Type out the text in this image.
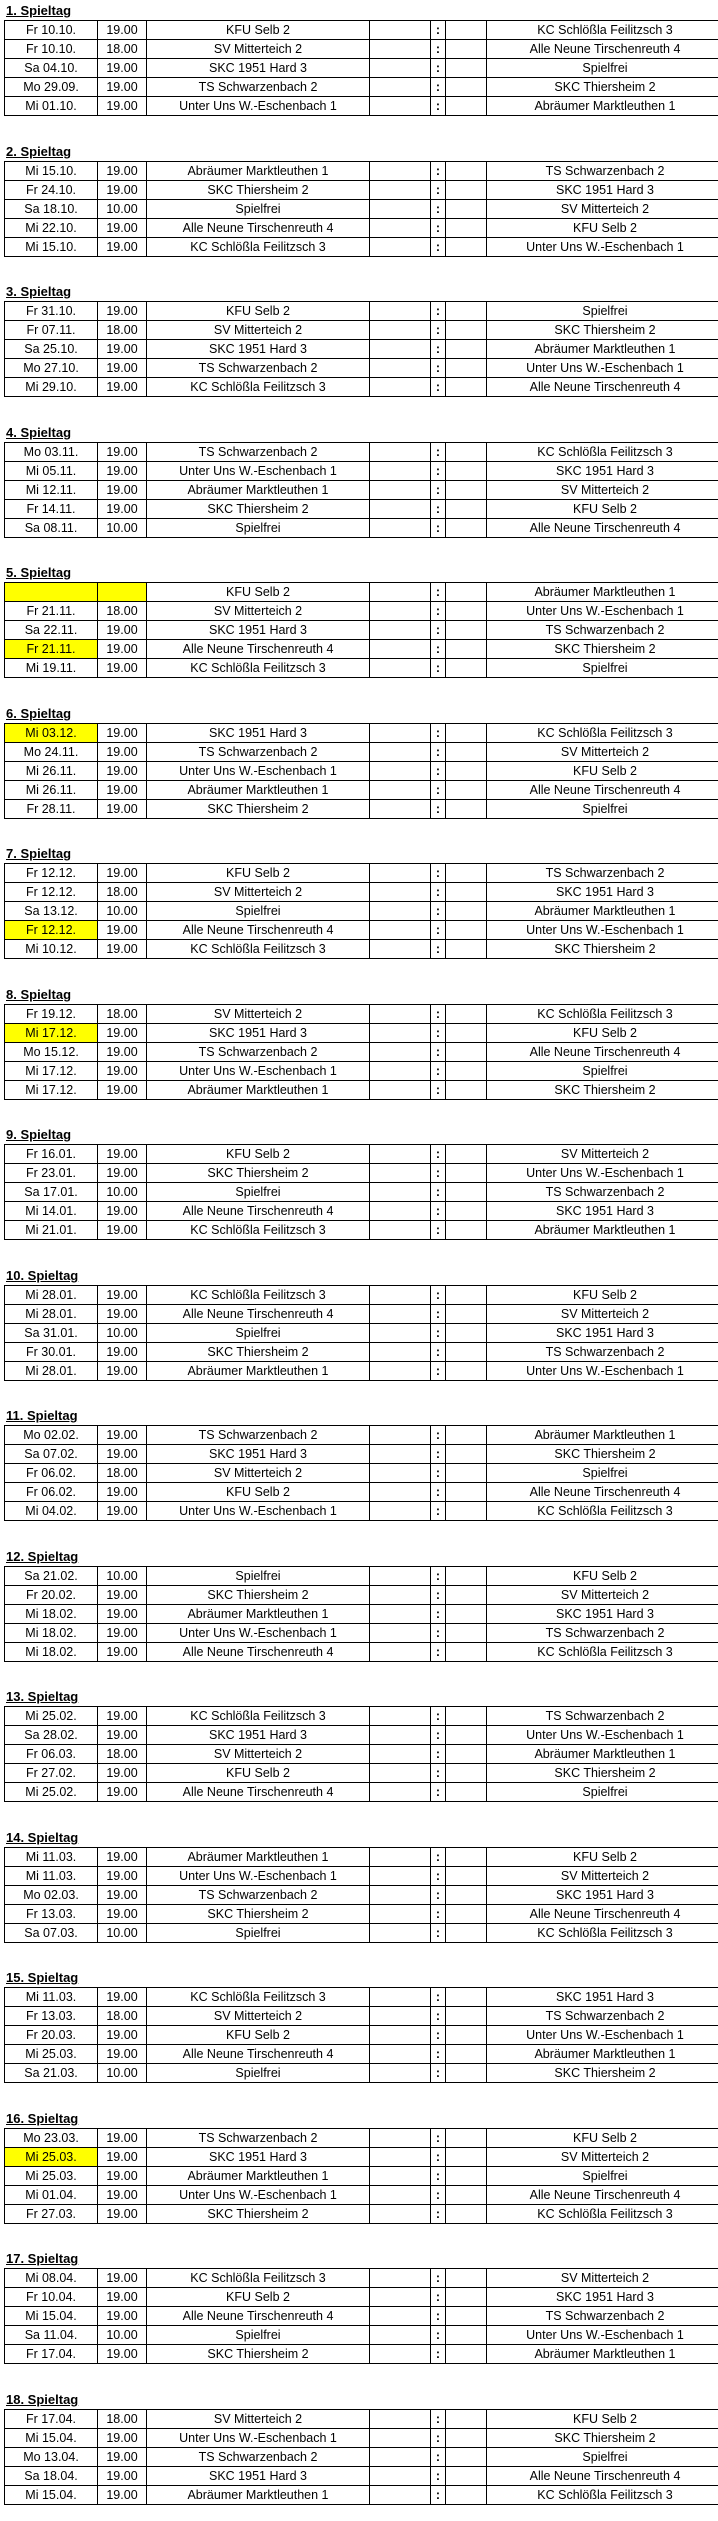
1. Spieltag
Fr 10.10.	19.00	KFU Selb 2		:		KC Schlößla Feilitzsch 3
Fr 10.10.	18.00	SV Mitterteich 2		:		Alle Neune Tirschenreuth 4
Sa 04.10.	19.00	SKC 1951 Hard 3		:		Spielfrei
Mo 29.09.	19.00	TS Schwarzenbach 2		:		SKC Thiersheim 2
Mi 01.10.	19.00	Unter Uns W.-Eschenbach 1		:		Abräumer Marktleuthen 1
2. Spieltag
Mi 15.10.	19.00	Abräumer Marktleuthen 1		:		TS Schwarzenbach 2
Fr 24.10.	19.00	SKC Thiersheim 2		:		SKC 1951 Hard 3
Sa 18.10.	10.00	Spielfrei		:		SV Mitterteich 2
Mi 22.10.	19.00	Alle Neune Tirschenreuth 4		:		KFU Selb 2
Mi 15.10.	19.00	KC Schlößla Feilitzsch 3		:		Unter Uns W.-Eschenbach 1
3. Spieltag
Fr 31.10.	19.00	KFU Selb 2		:		Spielfrei
Fr 07.11.	18.00	SV Mitterteich 2		:		SKC Thiersheim 2
Sa 25.10.	19.00	SKC 1951 Hard 3		:		Abräumer Marktleuthen 1
Mo 27.10.	19.00	TS Schwarzenbach 2		:		Unter Uns W.-Eschenbach 1
Mi 29.10.	19.00	KC Schlößla Feilitzsch 3		:		Alle Neune Tirschenreuth 4
4. Spieltag
Mo 03.11.	19.00	TS Schwarzenbach 2		:		KC Schlößla Feilitzsch 3
Mi 05.11.	19.00	Unter Uns W.-Eschenbach 1		:		SKC 1951 Hard 3
Mi 12.11.	19.00	Abräumer Marktleuthen 1		:		SV Mitterteich 2
Fr 14.11.	19.00	SKC Thiersheim 2		:		KFU Selb 2
Sa 08.11.	10.00	Spielfrei		:		Alle Neune Tirschenreuth 4
5. Spieltag
		KFU Selb 2		:		Abräumer Marktleuthen 1
Fr 21.11.	18.00	SV Mitterteich 2		:		Unter Uns W.-Eschenbach 1
Sa 22.11.	19.00	SKC 1951 Hard 3		:		TS Schwarzenbach 2
Fr 21.11.	19.00	Alle Neune Tirschenreuth 4		:		SKC Thiersheim 2
Mi 19.11.	19.00	KC Schlößla Feilitzsch 3		:		Spielfrei
6. Spieltag
Mi 03.12.	19.00	SKC 1951 Hard 3		:		KC Schlößla Feilitzsch 3
Mo 24.11.	19.00	TS Schwarzenbach 2		:		SV Mitterteich 2
Mi 26.11.	19.00	Unter Uns W.-Eschenbach 1		:		KFU Selb 2
Mi 26.11.	19.00	Abräumer Marktleuthen 1		:		Alle Neune Tirschenreuth 4
Fr 28.11.	19.00	SKC Thiersheim 2		:		Spielfrei
7. Spieltag
Fr 12.12.	19.00	KFU Selb 2		:		TS Schwarzenbach 2
Fr 12.12.	18.00	SV Mitterteich 2		:		SKC 1951 Hard 3
Sa 13.12.	10.00	Spielfrei		:		Abräumer Marktleuthen 1
Fr 12.12.	19.00	Alle Neune Tirschenreuth 4		:		Unter Uns W.-Eschenbach 1
Mi 10.12.	19.00	KC Schlößla Feilitzsch 3		:		SKC Thiersheim 2
8. Spieltag
Fr 19.12.	18.00	SV Mitterteich 2		:		KC Schlößla Feilitzsch 3
Mi 17.12.	19.00	SKC 1951 Hard 3		:		KFU Selb 2
Mo 15.12.	19.00	TS Schwarzenbach 2		:		Alle Neune Tirschenreuth 4
Mi 17.12.	19.00	Unter Uns W.-Eschenbach 1		:		Spielfrei
Mi 17.12.	19.00	Abräumer Marktleuthen 1		:		SKC Thiersheim 2
9. Spieltag
Fr 16.01.	19.00	KFU Selb 2		:		SV Mitterteich 2
Fr 23.01.	19.00	SKC Thiersheim 2		:		Unter Uns W.-Eschenbach 1
Sa 17.01.	10.00	Spielfrei		:		TS Schwarzenbach 2
Mi 14.01.	19.00	Alle Neune Tirschenreuth 4		:		SKC 1951 Hard 3
Mi 21.01.	19.00	KC Schlößla Feilitzsch 3		:		Abräumer Marktleuthen 1
10. Spieltag
Mi 28.01.	19.00	KC Schlößla Feilitzsch 3		:		KFU Selb 2
Mi 28.01.	19.00	Alle Neune Tirschenreuth 4		:		SV Mitterteich 2
Sa 31.01.	10.00	Spielfrei		:		SKC 1951 Hard 3
Fr 30.01.	19.00	SKC Thiersheim 2		:		TS Schwarzenbach 2
Mi 28.01.	19.00	Abräumer Marktleuthen 1		:		Unter Uns W.-Eschenbach 1
11. Spieltag
Mo 02.02.	19.00	TS Schwarzenbach 2		:		Abräumer Marktleuthen 1
Sa 07.02.	19.00	SKC 1951 Hard 3		:		SKC Thiersheim 2
Fr 06.02.	18.00	SV Mitterteich 2		:		Spielfrei
Fr 06.02.	19.00	KFU Selb 2		:		Alle Neune Tirschenreuth 4
Mi 04.02.	19.00	Unter Uns W.-Eschenbach 1		:		KC Schlößla Feilitzsch 3
12. Spieltag
Sa 21.02.	10.00	Spielfrei		:		KFU Selb 2
Fr 20.02.	19.00	SKC Thiersheim 2		:		SV Mitterteich 2
Mi 18.02.	19.00	Abräumer Marktleuthen 1		:		SKC 1951 Hard 3
Mi 18.02.	19.00	Unter Uns W.-Eschenbach 1		:		TS Schwarzenbach 2
Mi 18.02.	19.00	Alle Neune Tirschenreuth 4		:		KC Schlößla Feilitzsch 3
13. Spieltag
Mi 25.02.	19.00	KC Schlößla Feilitzsch 3		:		TS Schwarzenbach 2
Sa 28.02.	19.00	SKC 1951 Hard 3		:		Unter Uns W.-Eschenbach 1
Fr 06.03.	18.00	SV Mitterteich 2		:		Abräumer Marktleuthen 1
Fr 27.02.	19.00	KFU Selb 2		:		SKC Thiersheim 2
Mi 25.02.	19.00	Alle Neune Tirschenreuth 4		:		Spielfrei
14. Spieltag
Mi 11.03.	19.00	Abräumer Marktleuthen 1		:		KFU Selb 2
Mi 11.03.	19.00	Unter Uns W.-Eschenbach 1		:		SV Mitterteich 2
Mo 02.03.	19.00	TS Schwarzenbach 2		:		SKC 1951 Hard 3
Fr 13.03.	19.00	SKC Thiersheim 2		:		Alle Neune Tirschenreuth 4
Sa 07.03.	10.00	Spielfrei		:		KC Schlößla Feilitzsch 3
15. Spieltag
Mi 11.03.	19.00	KC Schlößla Feilitzsch 3		:		SKC 1951 Hard 3
Fr 13.03.	18.00	SV Mitterteich 2		:		TS Schwarzenbach 2
Fr 20.03.	19.00	KFU Selb 2		:		Unter Uns W.-Eschenbach 1
Mi 25.03.	19.00	Alle Neune Tirschenreuth 4		:		Abräumer Marktleuthen 1
Sa 21.03.	10.00	Spielfrei		:		SKC Thiersheim 2
16. Spieltag
Mo 23.03.	19.00	TS Schwarzenbach 2		:		KFU Selb 2
Mi 25.03.	19.00	SKC 1951 Hard 3		:		SV Mitterteich 2
Mi 25.03.	19.00	Abräumer Marktleuthen 1		:		Spielfrei
Mi 01.04.	19.00	Unter Uns W.-Eschenbach 1		:		Alle Neune Tirschenreuth 4
Fr 27.03.	19.00	SKC Thiersheim 2		:		KC Schlößla Feilitzsch 3
17. Spieltag
Mi 08.04.	19.00	KC Schlößla Feilitzsch 3		:		SV Mitterteich 2
Fr 10.04.	19.00	KFU Selb 2		:		SKC 1951 Hard 3
Mi 15.04.	19.00	Alle Neune Tirschenreuth 4		:		TS Schwarzenbach 2
Sa 11.04.	10.00	Spielfrei		:		Unter Uns W.-Eschenbach 1
Fr 17.04.	19.00	SKC Thiersheim 2		:		Abräumer Marktleuthen 1
18. Spieltag
Fr 17.04.	18.00	SV Mitterteich 2		:		KFU Selb 2
Mi 15.04.	19.00	Unter Uns W.-Eschenbach 1		:		SKC Thiersheim 2
Mo 13.04.	19.00	TS Schwarzenbach 2		:		Spielfrei
Sa 18.04.	19.00	SKC 1951 Hard 3		:		Alle Neune Tirschenreuth 4
Mi 15.04.	19.00	Abräumer Marktleuthen 1		:		KC Schlößla Feilitzsch 3
